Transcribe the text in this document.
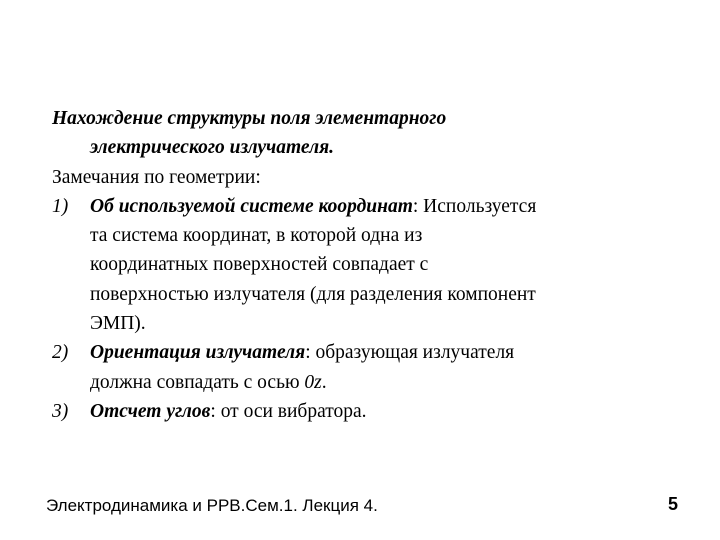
Нахождение структуры поля элементарного
электрического излучателя.
Замечания по геометрии:
1) Об используемой системе координат: Используется
та система координат, в которой одна из
координатных поверхностей совпадает с
поверхностью излучателя (для разделения компонент
ЭМП).
2) Ориентация излучателя: образующая излучателя
должна совпадать с осью 0z.
3) Отсчет углов: от оси вибратора.
Электродинамика и РРВ.Сем.1. Лекция 4.	5
